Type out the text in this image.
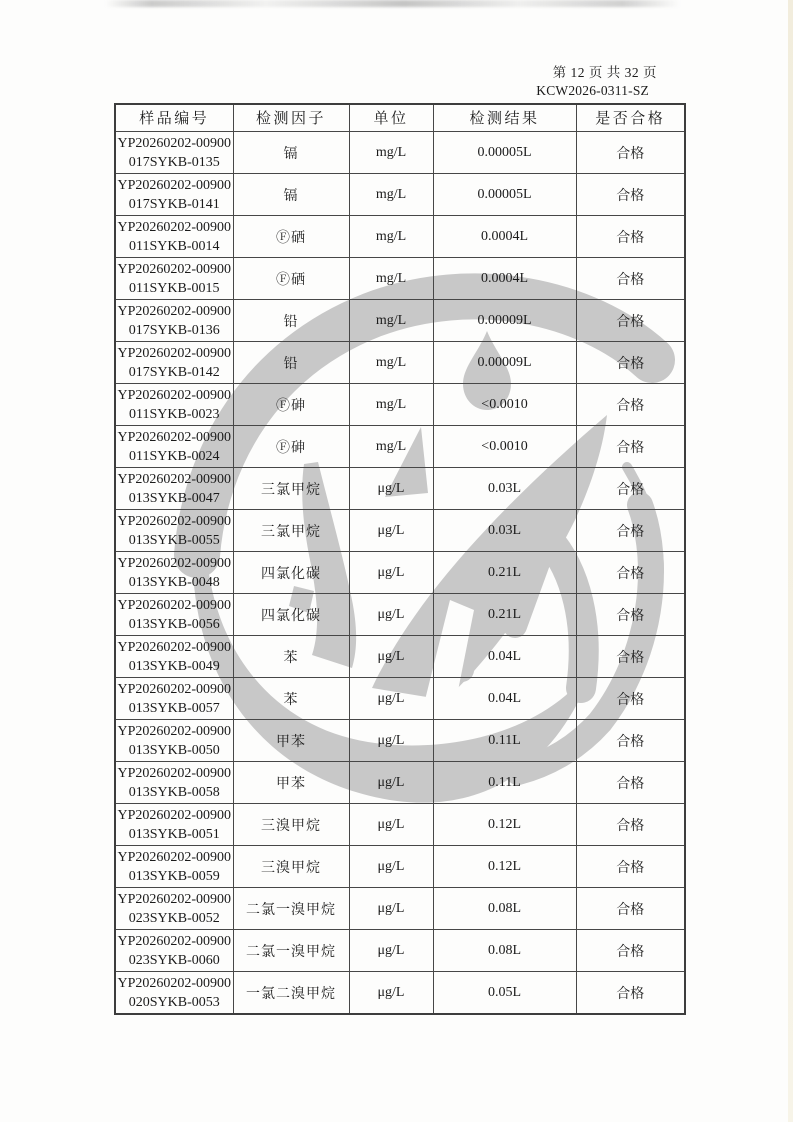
第 12 页 共 32 页
KCW2026-0311-SZ
样品编号	检测因子	单位	检测结果	是否合格

YP20260202-00900
017SYKB-0135	镉	mg/L	0.00005L	合格

YP20260202-00900
017SYKB-0141	镉	mg/L	0.00005L	合格

YP20260202-00900
011SYKB-0014	Ⓕ硒	mg/L	0.0004L	合格

YP20260202-00900
011SYKB-0015	Ⓕ硒	mg/L	0.0004L	合格

YP20260202-00900
017SYKB-0136	铅	mg/L	0.00009L	合格

YP20260202-00900
017SYKB-0142	铅	mg/L	0.00009L	合格

YP20260202-00900
011SYKB-0023	Ⓕ砷	mg/L	<0.0010	合格

YP20260202-00900
011SYKB-0024	Ⓕ砷	mg/L	<0.0010	合格

YP20260202-00900
013SYKB-0047	三氯甲烷	μg/L	0.03L	合格

YP20260202-00900
013SYKB-0055	三氯甲烷	μg/L	0.03L	合格

YP20260202-00900
013SYKB-0048	四氯化碳	μg/L	0.21L	合格

YP20260202-00900
013SYKB-0056	四氯化碳	μg/L	0.21L	合格

YP20260202-00900
013SYKB-0049	苯	μg/L	0.04L	合格

YP20260202-00900
013SYKB-0057	苯	μg/L	0.04L	合格

YP20260202-00900
013SYKB-0050	甲苯	μg/L	0.11L	合格

YP20260202-00900
013SYKB-0058	甲苯	μg/L	0.11L	合格

YP20260202-00900
013SYKB-0051	三溴甲烷	μg/L	0.12L	合格

YP20260202-00900
013SYKB-0059	三溴甲烷	μg/L	0.12L	合格

YP20260202-00900
023SYKB-0052	二氯一溴甲烷	μg/L	0.08L	合格

YP20260202-00900
023SYKB-0060	二氯一溴甲烷	μg/L	0.08L	合格

YP20260202-00900
020SYKB-0053	一氯二溴甲烷	μg/L	0.05L	合格
